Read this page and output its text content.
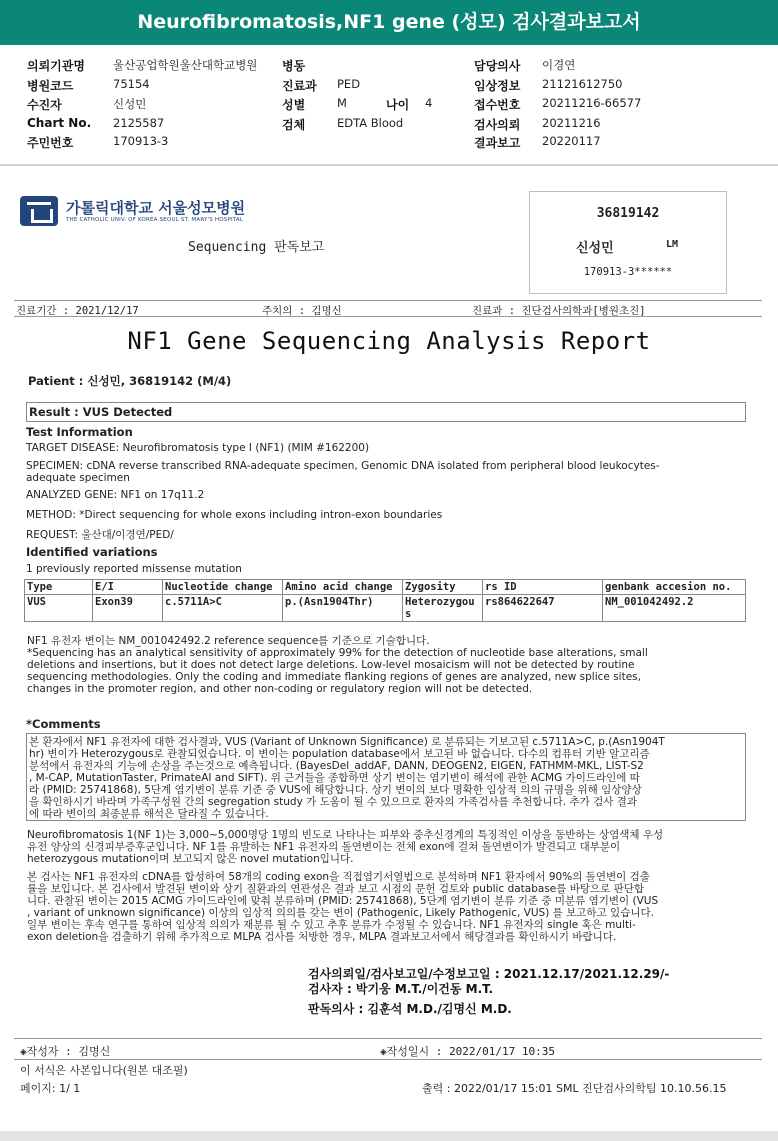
Neurofibromatosis,NF1 gene (성모) 검사결과보고서
의뢰기관명 울산공업학원울산대학교병원 병동	담당의사 이경연
병원코드	75154	진료과 PED	임상정보 21121612750
수진자	신성민	성별	M	나이 4	접수번호 20211216-66577
Chart No. 2125587	검체	EDTA Blood	검사의뢰 20211216
주민번호	170913-3	결과보고 20220117
가톨릭대학교 서울성모병원
THE CATHOLIC UNIV. OF KOREA SEOUL ST. MARY'S HOSPITAL
Sequencing 판독보고
36819142
신성민	LM
170913-3******
진료기간 : 2021/12/17	주치의 : 김명신	진료과 : 진단검사의학과[병원초진]
NF1 Gene Sequencing Analysis Report
Patient : 신성민, 36819142 (M/4)
Result : VUS Detected
Test Information
TARGET DISEASE: Neurofibromatosis type I (NF1) (MIM #162200)
SPECIMEN: cDNA reverse transcribed RNA-adequate specimen, Genomic DNA isolated from peripheral blood leukocytes-
adequate specimen
ANALYZED GENE: NF1 on 17q11.2
METHOD: *Direct sequencing for whole exons including intron-exon boundaries
REQUEST: 울산대/이경연/PED/
Identified variations
1 previously reported missense mutation
Type	E/I	Nucleotide change	Amino acid change	Zygosity	rs ID	genbank accesion no.
VUS	Exon39	c.5711A>C	p.(Asn1904Thr)	Heterozygous	rs864622647	NM_001042492.2
NF1 유전자 변이는 NM_001042492.2 reference sequence를 기준으로 기술합니다.
*Sequencing has an analytical sensitivity of approximately 99% for the detection of nucleotide base alterations, small
deletions and insertions, but it does not detect large deletions. Low-level mosaicism will not be detected by routine
sequencing methodologies. Only the coding and immediate flanking regions of genes are analyzed, new splice sites,
changes in the promoter region, and other non-coding or regulatory region will not be detected.
*Comments
본 환자에서 NF1 유전자에 대한 검사결과, VUS (Variant of Unknown Significance) 로 분류되는 기보고된 c.5711A>C, p.(Asn1904T
hr) 변이가 Heterozygous로 관찰되었습니다. 이 변이는 population database에서 보고된 바 없습니다. 다수의 컴퓨터 기반 알고리즘
분석에서 유전자의 기능에 손상을 주는것으로 예측됩니다. (BayesDel_addAF, DANN, DEOGEN2, EIGEN, FATHMM-MKL, LIST-S2
, M-CAP, MutationTaster, PrimateAI and SIFT). 위 근거들을 종합하면 상기 변이는 염기변이 해석에 관한 ACMG 가이드라인에 따
라 (PMID: 25741868), 5단계 염기변이 분류 기준 중 VUS에 해당합니다. 상기 변이의 보다 명확한 임상적 의의 규명을 위해 임상양상
을 확인하시기 바라며 가족구성원 간의 segregation study 가 도움이 될 수 있으므로 환자의 가족검사를 추천합니다. 추가 검사 결과
에 따라 변이의 최종분류 해석은 달라질 수 있습니다.
Neurofibromatosis 1(NF 1)는 3,000~5,000명당 1명의 빈도로 나타나는 피부와 중추신경계의 특징적인 이상을 동반하는 상염색체 우성
유전 양상의 신경피부증후군입니다. NF 1를 유발하는 NF1 유전자의 돌연변이는 전체 exon에 걸쳐 돌연변이가 발견되고 대부분이
heterozygous mutation이며 보고되지 않은 novel mutation입니다.
본 검사는 NF1 유전자의 cDNA를 합성하여 58개의 coding exon을 직접염기서열법으로 분석하며 NF1 환자에서 90%의 돌연변이 검출
률을 보입니다. 본 검사에서 발견된 변이와 상기 질환과의 연관성은 결과 보고 시점의 문헌 검토와 public database를 바탕으로 판단합
니다. 관찰된 변이는 2015 ACMG 가이드라인에 맞춰 분류하며 (PMID: 25741868), 5단계 염기변이 분류 기준 중 미분류 염기변이 (VUS
, variant of unknown significance) 이상의 임상적 의의를 갖는 변이 (Pathogenic, Likely Pathogenic, VUS) 를 보고하고 있습니다.
일부 변이는 후속 연구를 통하여 임상적 의의가 재분류 될 수 있고 추후 분류가 수정될 수 있습니다. NF1 유전자의 single 혹은 multi-
exon deletion을 검출하기 위해 추가적으로 MLPA 검사를 처방한 경우, MLPA 결과보고서에서 해당결과를 확인하시기 바랍니다.
검사의뢰일/검사보고일/수정보고일 : 2021.12.17/2021.12.29/-
검사자 : 박기웅 M.T./이건동 M.T.
판독의사 : 김훈석 M.D./김명신 M.D.
◈작성자 : 김명신	◈작성일시 : 2022/01/17 10:35
이 서식은 사본입니다(원본 대조필)
페이지: 1/ 1	출력 : 2022/01/17 15:01 SML 진단검사의학팀 10.10.56.15
